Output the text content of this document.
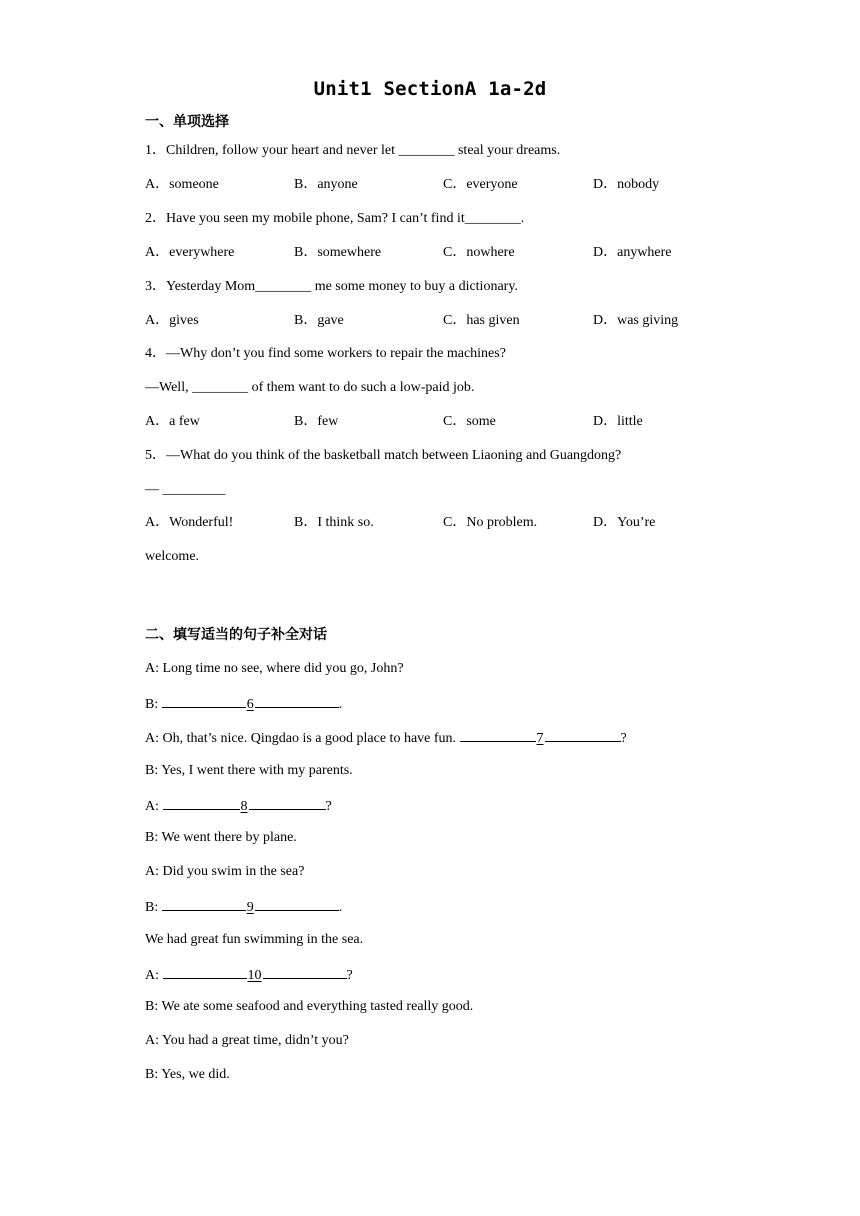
Unit1 SectionA 1a-2d
一、单项选择
1．Children, follow your heart and never let ________ steal your dreams.
A．someone	B．anyone	C．everyone	D．nobody
2．Have you seen my mobile phone, Sam? I can’t find it________.
A．everywhere	B．somewhere	C．nowhere	D．anywhere
3．Yesterday Mom________ me some money to buy a dictionary.
A．gives	B．gave	C．has given	D．was giving
4．—Why don’t you find some workers to repair the machines?
—Well, ________ of them want to do such a low-paid job.
A．a few	B．few	C．some	D．little
5．—What do you think of the basketball match between Liaoning and Guangdong?
— _________
A．Wonderful!	B．I think so.	C．No problem.	D．You’re
welcome.
二、填写适当的句子补全对话
A: Long time no see, where did you go, John?
B:	6	.
A: Oh, that’s nice. Qingdao is a good place to have fun.	7	?
B: Yes, I went there with my parents.
A:	8	?
B: We went there by plane.
A: Did you swim in the sea?
B:	9	.
We had great fun swimming in the sea.
A:	10	?
B: We ate some seafood and everything tasted really good.
A: You had a great time, didn’t you?
B: Yes, we did.
